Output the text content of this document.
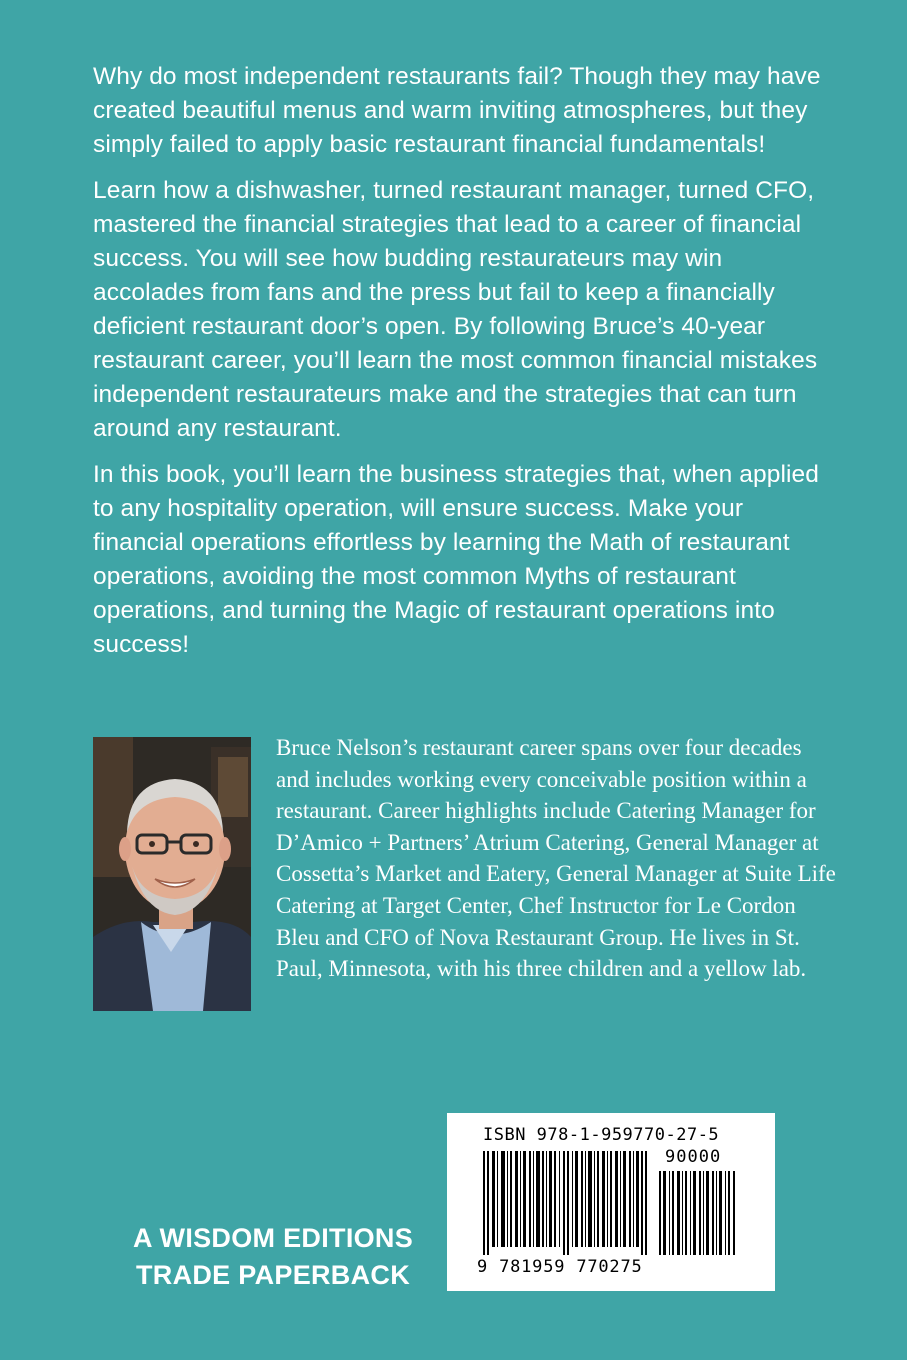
Why do most independent restaurants fail? Though they may have created beautiful menus and warm inviting atmospheres, but they simply failed to apply basic restaurant financial fundamentals!

Learn how a dishwasher, turned restaurant manager, turned CFO, mastered the financial strategies that lead to a career of financial success. You will see how budding restaurateurs may win accolades from fans and the press but fail to keep a financially deficient restaurant door’s open. By following Bruce’s 40-year restaurant career, you’ll learn the most common financial mistakes independent restaurateurs make and the strategies that can turn around any restaurant.

In this book, you’ll learn the business strategies that, when applied to any hospitality operation, will ensure success. Make your financial operations effortless by learning the Math of restaurant operations, avoiding the most common Myths of restaurant operations, and turning the Magic of restaurant operations into success!

Bruce Nelson’s restaurant career spans over four decades and includes working every conceivable position within a restaurant. Career highlights include Catering Manager for D’Amico + Partners’ Atrium Catering, General Manager at Cossetta’s Market and Eatery, General Manager at Suite Life Catering at Target Center, Chef Instructor for Le Cordon Bleu and CFO of Nova Restaurant Group. He lives in St. Paul, Minnesota, with his three children and a yellow lab.

ISBN 978-1-959770-27-5

90000

9 781959 770275

A WISDOM EDITIONS
TRADE PAPERBACK
